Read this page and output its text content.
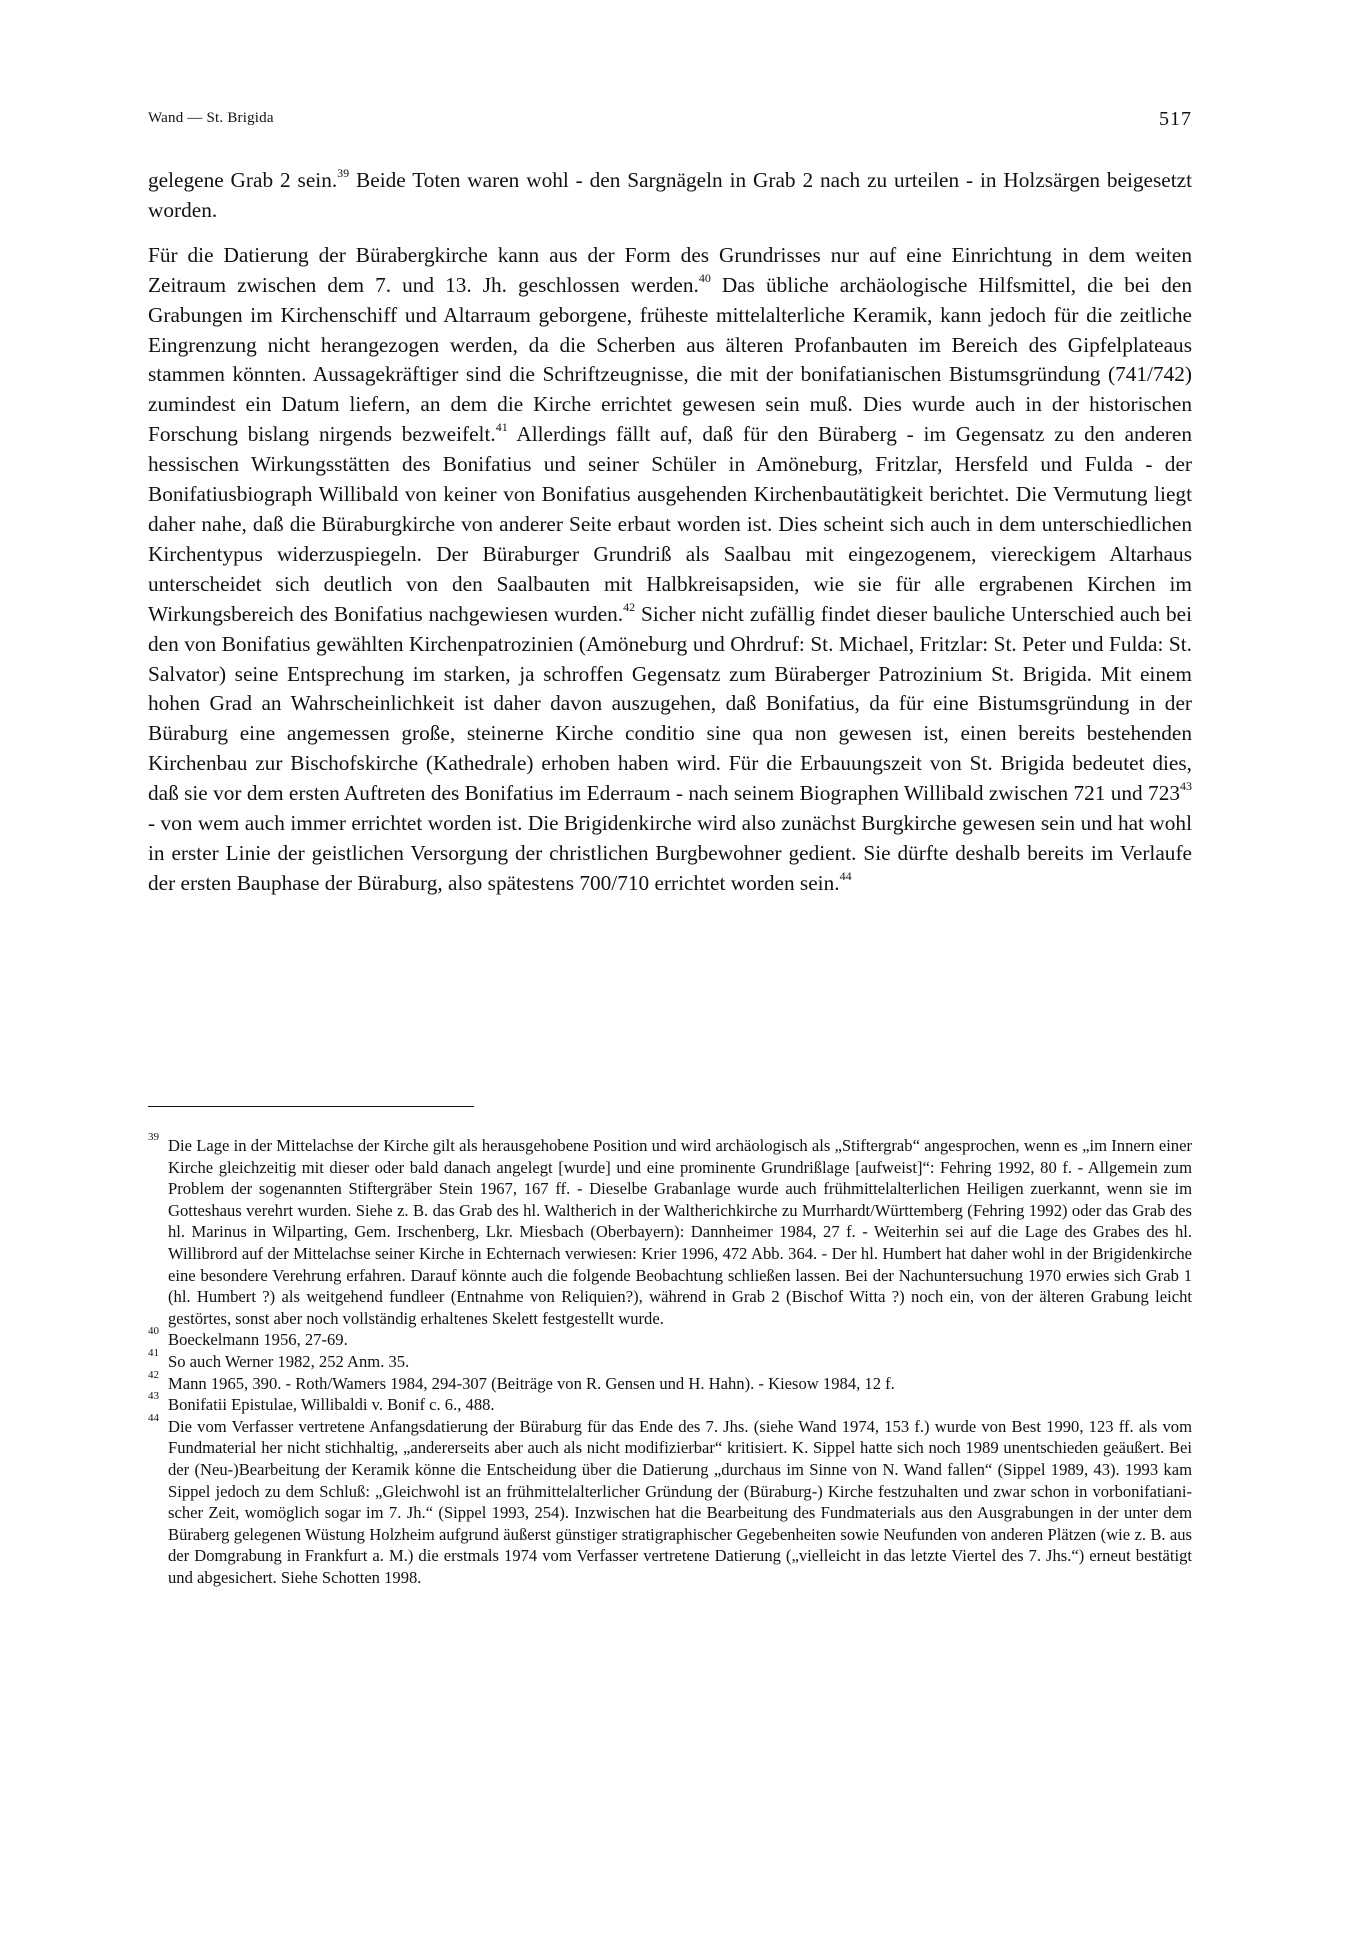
Wand — St. Brigida	517

gelegene Grab 2 sein.$^{39}$ Beide Toten waren wohl - den Sargnägeln in Grab 2 nach zu urteilen - in Holzsärgen beigesetzt worden.

Für die Datierung der Bürabergkirche kann aus der Form des Grundrisses nur auf eine Einrichtung in dem weiten Zeitraum zwischen dem 7. und 13. Jh. geschlossen werden.$^{40}$ Das übliche archäologische Hilfsmittel, die bei den Grabungen im Kirchenschiff und Altarraum geborgene, früheste mittelalterliche Keramik, kann jedoch für die zeitliche Eingrenzung nicht herangezogen werden, da die Scherben aus älteren Profanbauten im Bereich des Gipfelplateaus stammen könnten. Aussagekräftiger sind die Schriftzeugnisse, die mit der bonifatianischen Bistumsgründung (741/742) zumindest ein Datum liefern, an dem die Kirche errichtet gewesen sein muß. Dies wurde auch in der historischen Forschung bislang nirgends bezweifelt.$^{41}$ Allerdings fällt auf, daß für den Büraberg - im Gegensatz zu den anderen hessischen Wirkungsstätten des Bonifatius und seiner Schüler in Amöneburg, Fritzlar, Hersfeld und Fulda - der Bonifatiusbiograph Willibald von keiner von Bonifatius ausgehenden Kirchenbautätigkeit berichtet. Die Vermutung liegt daher nahe, daß die Büraburgkirche von anderer Seite erbaut worden ist. Dies scheint sich auch in dem unterschiedlichen Kirchentypus widerzuspiegeln. Der Büraburger Grundriß als Saalbau mit eingezogenem, viereckigem Altarhaus unterscheidet sich deutlich von den Saalbauten mit Halbkreisapsiden, wie sie für alle ergrabenen Kirchen im Wirkungsbereich des Bonifatius nachgewiesen wurden.$^{42}$ Sicher nicht zufällig findet dieser bauliche Unterschied auch bei den von Bonifatius gewählten Kirchenpatrozinien (Amöneburg und Ohrdruf: St. Michael, Fritzlar: St. Peter und Fulda: St. Salvator) seine Entsprechung im starken, ja schroffen Gegensatz zum Büraberger Patrozinium St. Brigida. Mit einem hohen Grad an Wahrscheinlichkeit ist daher davon auszugehen, daß Bonifatius, da für eine Bistumsgründung in der Büraburg eine angemessen große, steinerne Kirche conditio sine qua non gewesen ist, einen bereits bestehenden Kirchenbau zur Bischofskirche (Kathedrale) erhoben haben wird. Für die Erbauungszeit von St. Brigida bedeutet dies, daß sie vor dem ersten Auftreten des Bonifatius im Ederraum - nach seinem Biographen Willibald zwischen 721 und $723^{43}$ - von wem auch immer errichtet worden ist. Die Brigidenkirche wird also zunächst Burgkirche gewesen sein und hat wohl in erster Linie der geistlichen Versorgung der christlichen Burgbewohner gedient. Sie dürfte deshalb bereits im Verlaufe der ersten Bauphase der Büraburg, also spätestens 700/710 errichtet worden sein.$^{44}$

39 Die Lage in der Mittelachse der Kirche gilt als herausgehobene Position und wird archäologisch als „Stiftergrab“ angesprochen, wenn es „im Innern einer Kirche gleichzeitig mit dieser oder bald danach angelegt [wurde] und eine prominente Grundrißlage [aufweist]“: Fehring 1992, 80 f. - Allgemein zum Problem der sogenannten Stiftergräber Stein 1967, 167 ff. - Dieselbe Grabanlage wurde auch frühmittelalterlichen Heiligen zuerkannt, wenn sie im Gotteshaus verehrt wurden. Siehe z. B. das Grab des hl. Waltherich in der Waltherichkirche zu Murrhardt/Württemberg (Fehring 1992) oder das Grab des hl. Marinus in Wilparting, Gem. Irschenberg, Lkr. Miesbach (Oberbayern): Dannheimer 1984, 27 f. - Weiterhin sei auf die Lage des Grabes des hl. Willibrord auf der Mittelachse seiner Kirche in Echternach verwiesen: Krier 1996, 472 Abb. 364. - Der hl. Humbert hat daher wohl in der Brigidenkirche eine besondere Verehrung erfahren. Darauf könnte auch die folgende Beobachtung schließen lassen. Bei der Nachuntersuchung 1970 erwies sich Grab 1 (hl. Humbert ?) als weitgehend fundleer (Entnahme von Reliquien?), während in Grab 2 (Bischof Witta ?) noch ein, von der älteren Grabung leicht gestörtes, sonst aber noch vollständig erhaltenes Skelett festgestellt wurde.
40 Boeckelmann 1956, 27-69.
41 So auch Werner 1982, 252 Anm. 35.
42 Mann 1965, 390. - Roth/Wamers 1984, 294-307 (Beiträge von R. Gensen und H. Hahn). - Kiesow 1984, 12 f.
43 Bonifatii Epistulae, Willibaldi v. Bonif c. 6., 488.
44 Die vom Verfasser vertretene Anfangsdatierung der Büraburg für das Ende des 7. Jhs. (siehe Wand 1974, 153 f.) wurde von Best 1990, 123 ff. als vom Fundmaterial her nicht stichhaltig, „andererseits aber auch als nicht modifizierbar“ kritisiert. K. Sippel hatte sich noch 1989 unentschieden geäußert. Bei der (Neu-)Bearbeitung der Keramik könne die Entscheidung über die Datierung „durchaus im Sinne von N. Wand fallen“ (Sippel 1989, 43). 1993 kam Sippel jedoch zu dem Schluß: „Gleichwohl ist an frühmittelalterlicher Gründung der (Büraburg-) Kirche festzuhalten und zwar schon in vorbonifatianischer Zeit, womöglich sogar im 7. Jh.“ (Sippel 1993, 254). Inzwischen hat die Bearbeitung des Fundmaterials aus den Ausgrabungen in der unter dem Büraberg gelegenen Wüstung Holzheim aufgrund äußerst günstiger stratigraphischer Gegebenheiten sowie Neufunden von anderen Plätzen (wie z. B. aus der Domgrabung in Frankfurt a. M.) die erstmals 1974 vom Verfasser vertretene Datierung („vielleicht in das letzte Viertel des 7. Jhs.“) erneut bestätigt und abgesichert. Siehe Schotten 1998.
